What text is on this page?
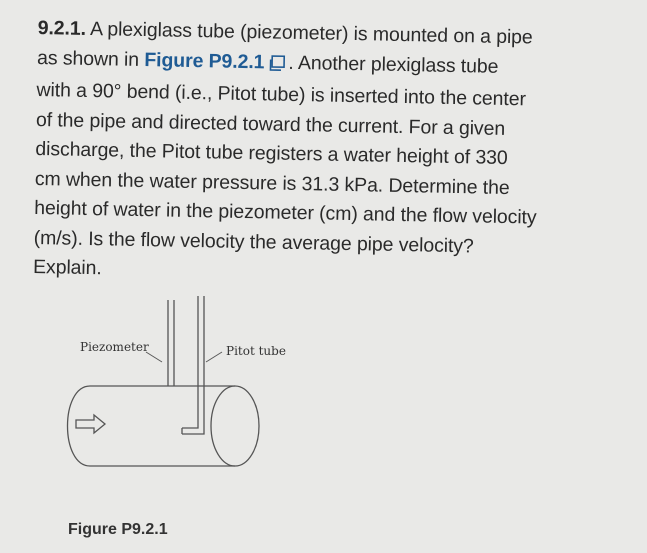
9.2.1. A plexiglass tube (piezometer) is mounted on a pipe
as shown in Figure P9.2.1 . Another plexiglass tube
with a 90° bend (i.e., Pitot tube) is inserted into the center
of the pipe and directed toward the current. For a given
discharge, the Pitot tube registers a water height of 330
cm when the water pressure is 31.3 kPa. Determine the
height of water in the piezometer (cm) and the flow velocity
(m/s). Is the flow velocity the average pipe velocity?
Explain.
Piezometer	Pitot tube
Figure P9.2.1
